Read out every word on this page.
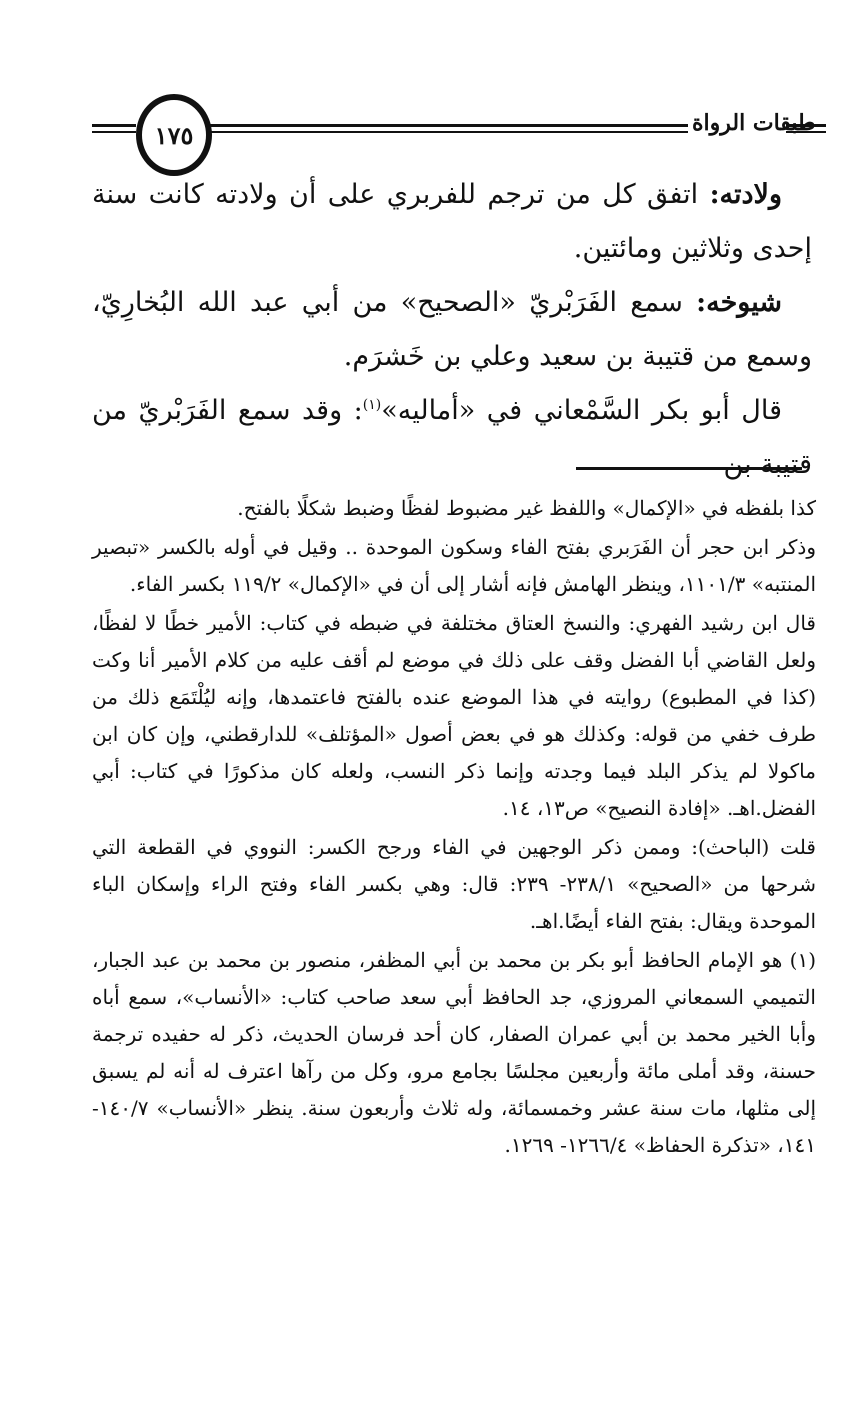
١٧٥	طبقات الرواة

ولادته: اتفق كل من ترجم للفربري على أن ولادته كانت سنة إحدى وثلاثين ومائتين.

شيوخه: سمع الفَرَبْريّ «الصحيح» من أبي عبد الله البُخارِيّ، وسمع من قتيبة بن سعيد وعلي بن خَشرَم.

قال أبو بكر السَّمْعاني في «أماليه»$^{(١)}$: وقد سمع الفَرَبْريّ من قتيبة بن

كذا بلفظه في «الإكمال» واللفظ غير مضبوط لفظًا وضبط شكلًا بالفتح.

وذكر ابن حجر أن الفَرَبري بفتح الفاء وسكون الموحدة .. وقيل في أوله بالكسر «تبصير المنتبه» ١١٠١/٣، وينظر الهامش فإنه أشار إلى أن في «الإكمال» ١١٩/٢ بكسر الفاء.

قال ابن رشيد الفهري: والنسخ العتاق مختلفة في ضبطه في كتاب: الأمير خطًا لا لفظًا، ولعل القاضي أبا الفضل وقف على ذلك في موضع لم أقف عليه من كلام الأمير أنا وكت (كذا في المطبوع) روايته في هذا الموضع عنده بالفتح فاعتمدها، وإنه ليُلْتَمَع ذلك من طرف خفي من قوله: وكذلك هو في بعض أصول «المؤتلف» للدارقطني، وإن كان ابن ماكولا لم يذكر البلد فيما وجدته وإنما ذكر النسب، ولعله كان مذكورًا في كتاب: أبي الفضل.اهـ. «إفادة النصيح» ص١٣، ١٤.

قلت (الباحث): وممن ذكر الوجهين في الفاء ورجح الكسر: النووي في القطعة التي شرحها من «الصحيح» ٢٣٨/١- ٢٣٩: قال: وهي بكسر الفاء وفتح الراء وإسكان الباء الموحدة ويقال: بفتح الفاء أيضًا.اهـ.

(١) هو الإمام الحافظ أبو بكر بن محمد بن أبي المظفر، منصور بن محمد بن عبد الجبار، التميمي السمعاني المروزي، جد الحافظ أبي سعد صاحب كتاب: «الأنساب»، سمع أباه وأبا الخير محمد بن أبي عمران الصفار، كان أحد فرسان الحديث، ذكر له حفيده ترجمة حسنة، وقد أملى مائة وأربعين مجلسًا بجامع مرو، وكل من رآها اعترف له أنه لم يسبق إلى مثلها، مات سنة عشر وخمسمائة، وله ثلاث وأربعون سنة. ينظر «الأنساب» ١٤٠/٧- ١٤١، «تذكرة الحفاظ» ١٢٦٦/٤- ١٢٦٩.
